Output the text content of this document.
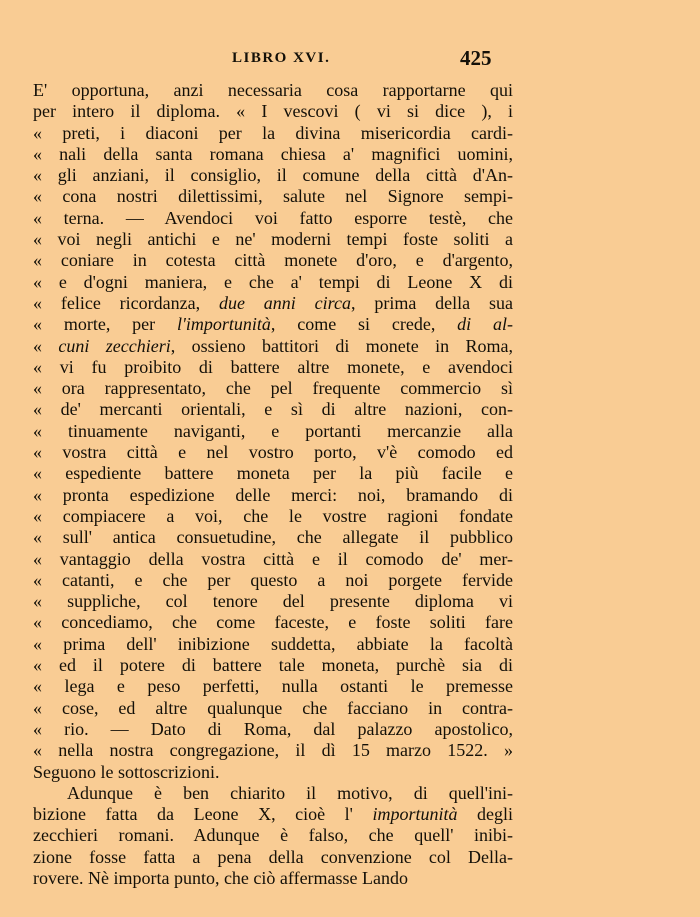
LIBRO XVI.	425
E' opportuna, anzi necessaria cosa rapportarne qui
per intero il diploma. « I vescovi ( vi si dice ), i
« preti, i diaconi per la divina misericordia cardi-
« nali della santa romana chiesa a' magnifici uomini,
« gli anziani, il consiglio, il comune della città d'An-
« cona nostri dilettissimi, salute nel Signore sempi-
« terna. — Avendoci voi fatto esporre testè, che
« voi negli antichi e ne' moderni tempi foste soliti a
« coniare in cotesta città monete d'oro, e d'argento,
« e d'ogni maniera, e che a' tempi di Leone X di
« felice ricordanza, due anni circa, prima della sua
« morte, per l'importunità, come si crede, di al-
« cuni zecchieri, ossieno battitori di monete in Roma,
« vi fu proibito di battere altre monete, e avendoci
« ora rappresentato, che pel frequente commercio sì
« de' mercanti orientali, e sì di altre nazioni, con-
« tinuamente naviganti, e portanti mercanzie alla
« vostra città e nel vostro porto, v'è comodo ed
« espediente battere moneta per la più facile e
« pronta espedizione delle merci: noi, bramando di
« compiacere a voi, che le vostre ragioni fondate
« sull' antica consuetudine, che allegate il pubblico
« vantaggio della vostra città e il comodo de' mer-
« catanti, e che per questo a noi porgete fervide
« suppliche, col tenore del presente diploma vi
« concediamo, che come faceste, e foste soliti fare
« prima dell' inibizione suddetta, abbiate la facoltà
« ed il potere di battere tale moneta, purchè sia di
« lega e peso perfetti, nulla ostanti le premesse
« cose, ed altre qualunque che facciano in contra-
« rio. — Dato di Roma, dal palazzo apostolico,
« nella nostra congregazione, il dì 15 marzo 1522. »
Seguono le sottoscrizioni.
Adunque è ben chiarito il motivo, di quell'ini-
bizione fatta da Leone X, cioè l' importunità degli
zecchieri romani. Adunque è falso, che quell' inibi-
zione fosse fatta a pena della convenzione col Della-
rovere. Nè importa punto, che ciò affermasse Lando
